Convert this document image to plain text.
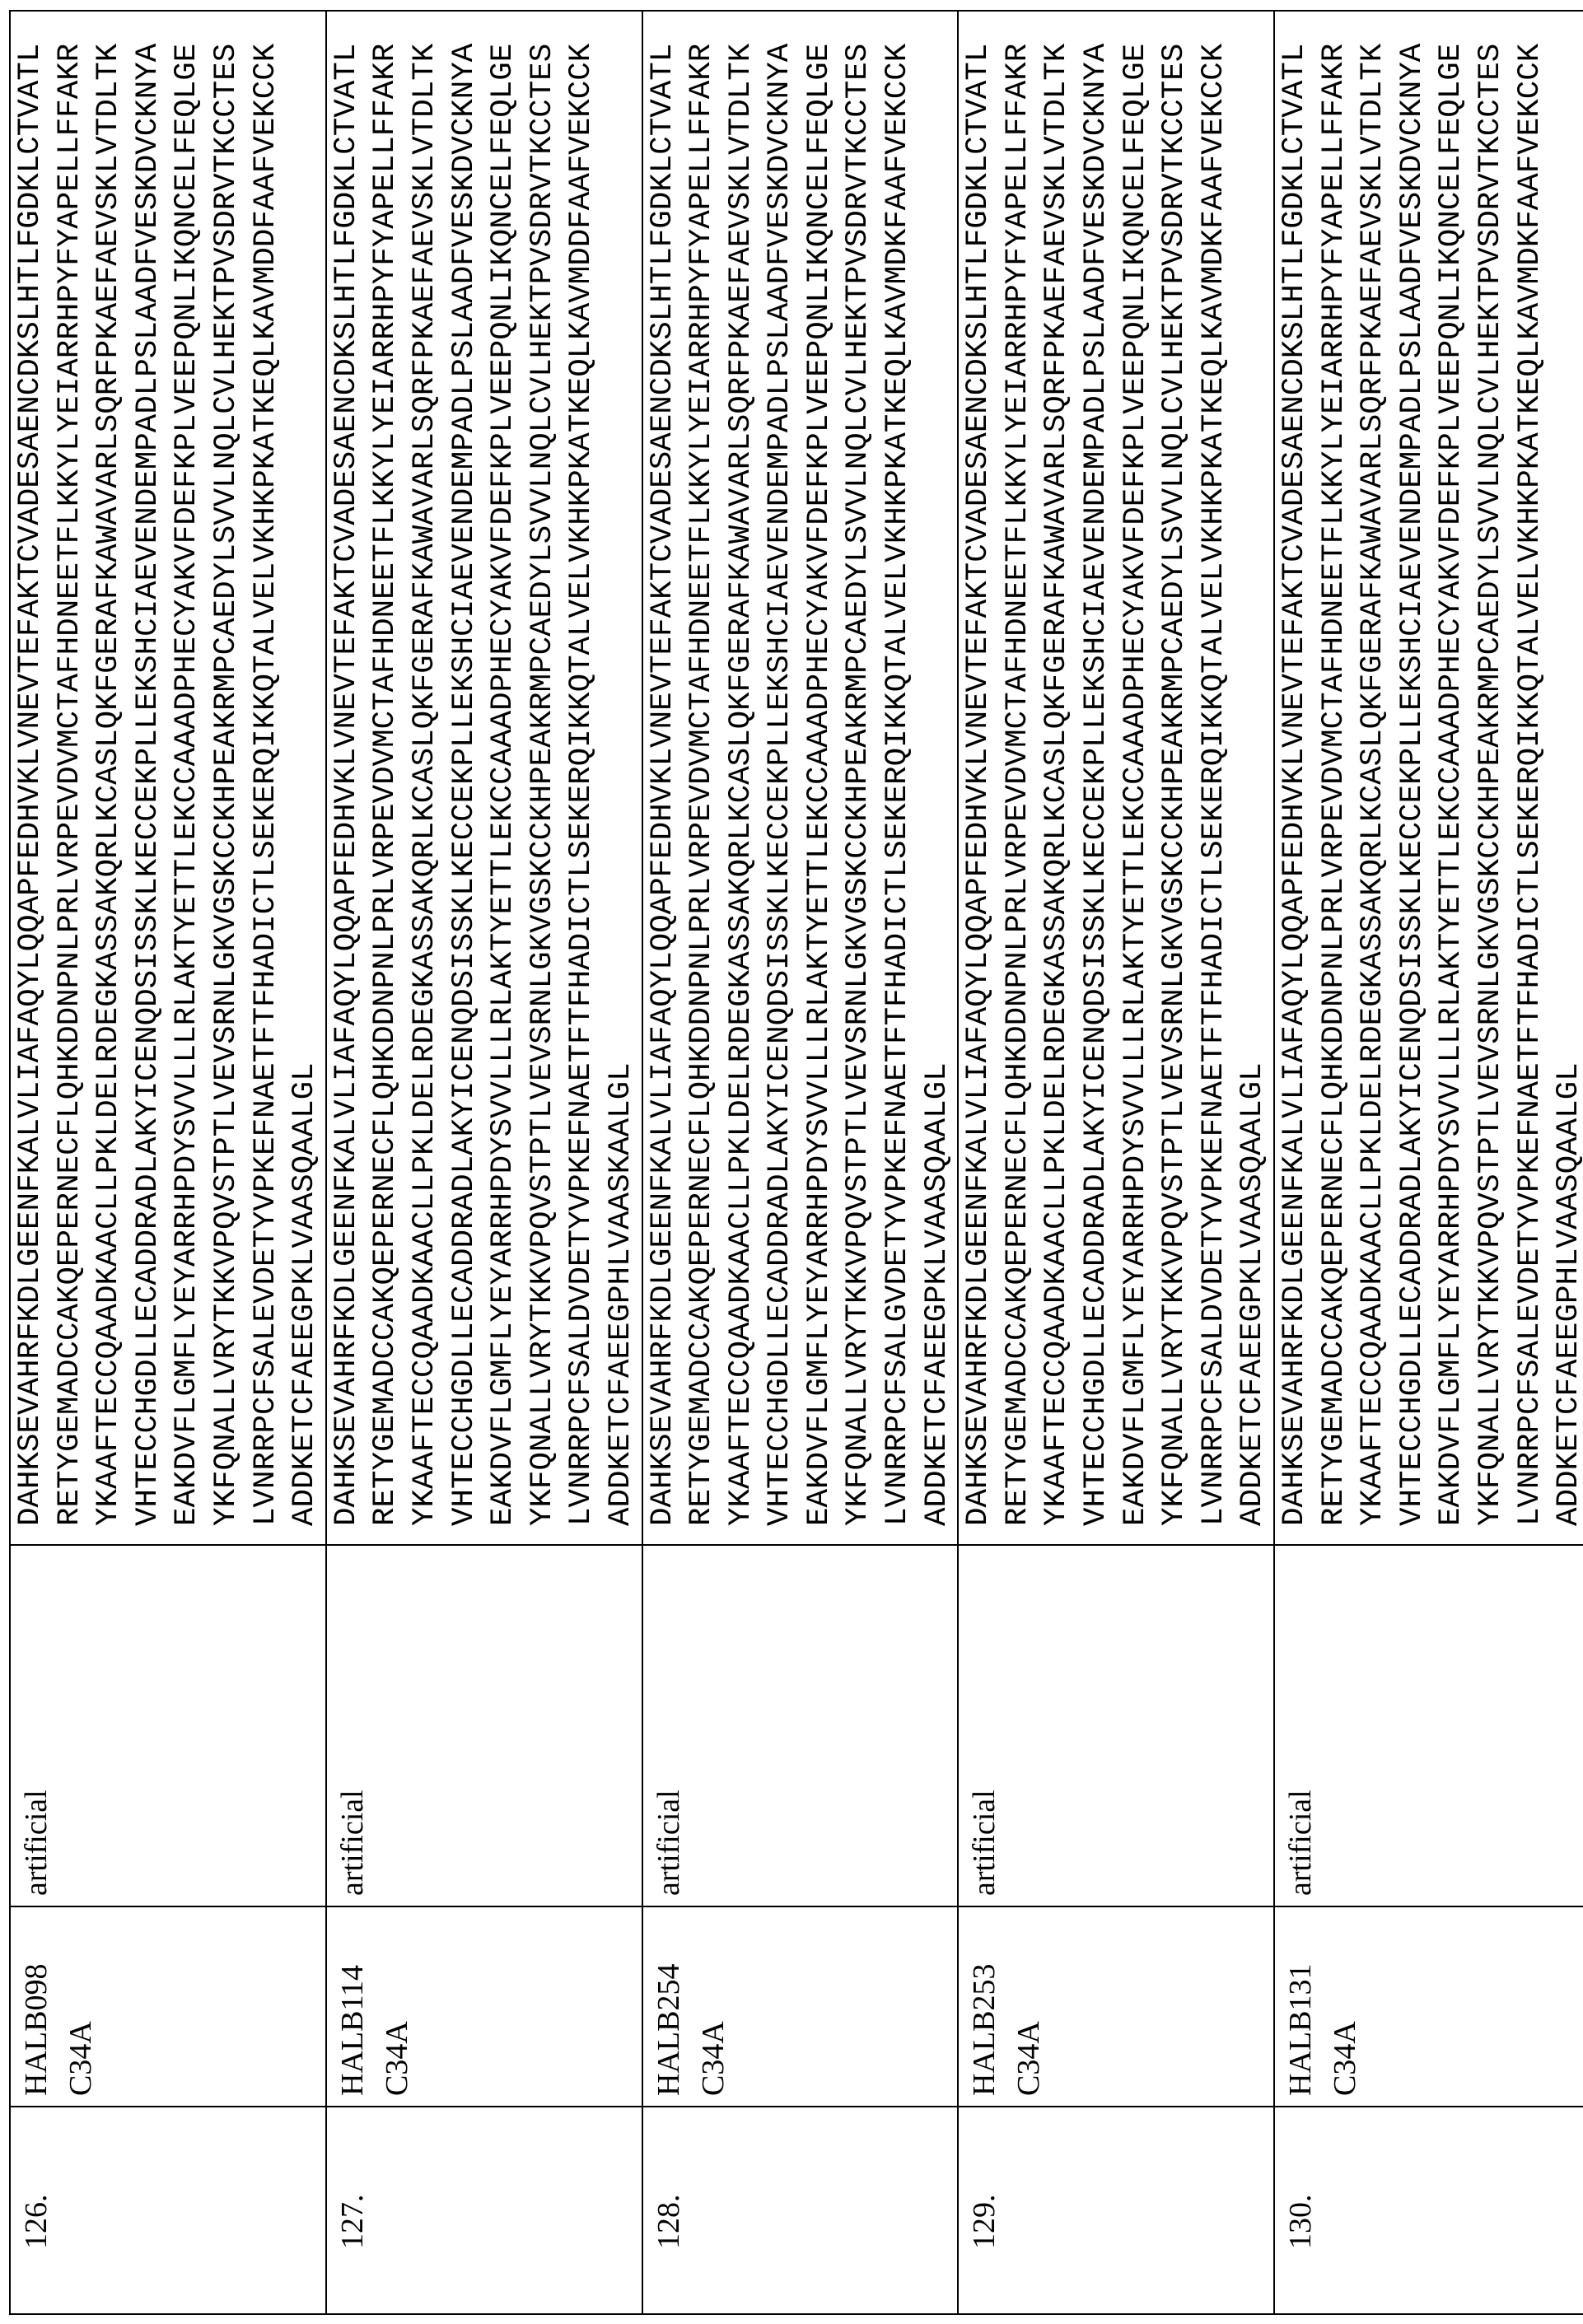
126.	
HALB098 C34A
	artificial	
DAHKSEVAHRFKDLGEENFKALVLIAFAQYLQQAPFEDHVKLVNEVTEFAKTCVADESAENCDKSLHTLFGDKLCTVATL RETYGEMADCCAKQEPERNECFLQHKDDNPNLPRLVRPEVDVMCTAFHDNEETFLKKYLYEIARRHPYFYAPELLFFAKR YKAAFTECCQAADKAACLLPKLDELRDEGKASSAKQRLKCASLQKFGERAFKAWAVARLSQRFPKAEFAEVSKLVTDLTK VHTECCHGDLLECADDRADLAKYICENQDSISSKLKECCEKPLLEKSHCIAEVENDEMPADLPSLAADFVESKDVCKNYA EAKDVFLGMFLYEYARRHPDYSVVLLLRLAKTYETTLEKCCAAADPHECYAKVFDEFKPLVEEPQNLIKQNCELFEQLGE YKFQNALLVRYTKKVPQVSTPTLVEVSRNLGKVGSKCCKHPEAKRMPCAEDYLSVVLNQLCVLHEKTPVSDRVTKCCTES LVNRRPCFSALEVDETYVPKEFNAETFTFHADICTLSEKERQIKKQTALVELVKHKPKATKEQLKAVMDDFAAFVEKCCK ADDKETCFAEEGPKLVAASQAALGL

127.	
HALB114 C34A
	artificial	
DAHKSEVAHRFKDLGEENFKALVLIAFAQYLQQAPFEDHVKLVNEVTEFAKTCVADESAENCDKSLHTLFGDKLCTVATL RETYGEMADCCAKQEPERNECFLQHKDDNPNLPRLVRPEVDVMCTAFHDNEETFLKKYLYEIARRHPYFYAPELLFFAKR YKAAFTECCQAADKAACLLPKLDELRDEGKASSAKQRLKCASLQKFGERAFKAWAVARLSQRFPKAEFAEVSKLVTDLTK VHTECCHGDLLECADDRADLAKYICENQDSISSKLKECCEKPLLEKSHCIAEVENDEMPADLPSLAADFVESKDVCKNYA EAKDVFLGMFLYEYARRHPDYSVVLLLRLAKTYETTLEKCCAAADPHECYAKVFDEFKPLVEEPQNLIKQNCELFEQLGE YKFQNALLVRYTKKVPQVSTPTLVEVSRNLGKVGSKCCKHPEAKRMPCAEDYLSVVLNQLCVLHEKTPVSDRVTKCCTES LVNRRPCFSALDVDETYVPKEFNAETFTFHADICTLSEKERQIKKQTALVELVKHKPKATKEQLKAVMDDFAAFVEKCCK ADDKETCFAEEGPHLVAASKAALGL

128.	
HALB254 C34A
	artificial	
DAHKSEVAHRFKDLGEENFKALVLIAFAQYLQQAPFEDHVKLVNEVTEFAKTCVADESAENCDKSLHTLFGDKLCTVATL RETYGEMADCCAKQEPERNECFLQHKDDNPNLPRLVRPEVDVMCTAFHDNEETFLKKYLYEIARRHPYFYAPELLFFAKR YKAAFTECCQAADKAACLLPKLDELRDEGKASSAKQRLKCASLQKFGERAFKAWAVARLSQRFPKAEFAEVSKLVTDLTK VHTECCHGDLLECADDRADLAKYICENQDSISSKLKECCEKPLLEKSHCIAEVENDEMPADLPSLAADFVESKDVCKNYA EAKDVFLGMFLYEYARRHPDYSVVLLLRLAKTYETTLEKCCAAADPHECYAKVFDEFKPLVEEPQNLIKQNCELFEQLGE YKFQNALLVRYTKKVPQVSTPTLVEVSRNLGKVGSKCCKHPEAKRMPCAEDYLSVVLNQLCVLHEKTPVSDRVTKCCTES LVNRRPCFSALGVDETYVPKEFNAETFTFHADICTLSEKERQIKKQTALVELVKHKPKATKEQLKAVMDKFAAFVEKCCK ADDKETCFAEEGPKLVAASQAALGL

129.	
HALB253 C34A
	artificial	
DAHKSEVAHRFKDLGEENFKALVLIAFAQYLQQAPFEDHVKLVNEVTEFAKTCVADESAENCDKSLHTLFGDKLCTVATL RETYGEMADCCAKQEPERNECFLQHKDDNPNLPRLVRPEVDVMCTAFHDNEETFLKKYLYEIARRHPYFYAPELLFFAKR YKAAFTECCQAADKAACLLPKLDELRDEGKASSAKQRLKCASLQKFGERAFKAWAVARLSQRFPKAEFAEVSKLVTDLTK VHTECCHGDLLECADDRADLAKYICENQDSISSKLKECCEKPLLEKSHCIAEVENDEMPADLPSLAADFVESKDVCKNYA EAKDVFLGMFLYEYARRHPDYSVVLLLRLAKTYETTLEKCCAAADPHECYAKVFDEFKPLVEEPQNLIKQNCELFEQLGE YKFQNALLVRYTKKVPQVSTPTLVEVSRNLGKVGSKCCKHPEAKRMPCAEDYLSVVLNQLCVLHEKTPVSDRVTKCCTES LVNRRPCFSALDVDETYVPKEFNAETFTFHADICTLSEKERQIKKQTALVELVKHKPKATKEQLKAVMDKFAAFVEKCCK ADDKETCFAEEGPKLVAASQAALGL

130.	
HALB131 C34A
	artificial	
DAHKSEVAHRFKDLGEENFKALVLIAFAQYLQQAPFEDHVKLVNEVTEFAKTCVADESAENCDKSLHTLFGDKLCTVATL RETYGEMADCCAKQEPERNECFLQHKDDNPNLPRLVRPEVDVMCTAFHDNEETFLKKYLYEIARRHPYFYAPELLFFAKR YKAAFTECCQAADKAACLLPKLDELRDEGKASSAKQRLKCASLQKFGERAFKAWAVARLSQRFPKAEFAEVSKLVTDLTK VHTECCHGDLLECADDRADLAKYICENQDSISSKLKECCEKPLLEKSHCIAEVENDEMPADLPSLAADFVESKDVCKNYA EAKDVFLGMFLYEYARRHPDYSVVLLLRLAKTYETTLEKCCAAADPHECYAKVFDEFKPLVEEPQNLIKQNCELFEQLGE YKFQNALLVRYTKKVPQVSTPTLVEVSRNLGKVGSKCCKHPEAKRMPCAEDYLSVVLNQLCVLHEKTPVSDRVTKCCTES LVNRRPCFSALEVDETYVPKEFNAETFTFHADICTLSEKERQIKKQTALVELVKHKPKATKEQLKAVMDKFAAFVEKCCK ADDKETCFAEEGPHLVAASQAALGL
